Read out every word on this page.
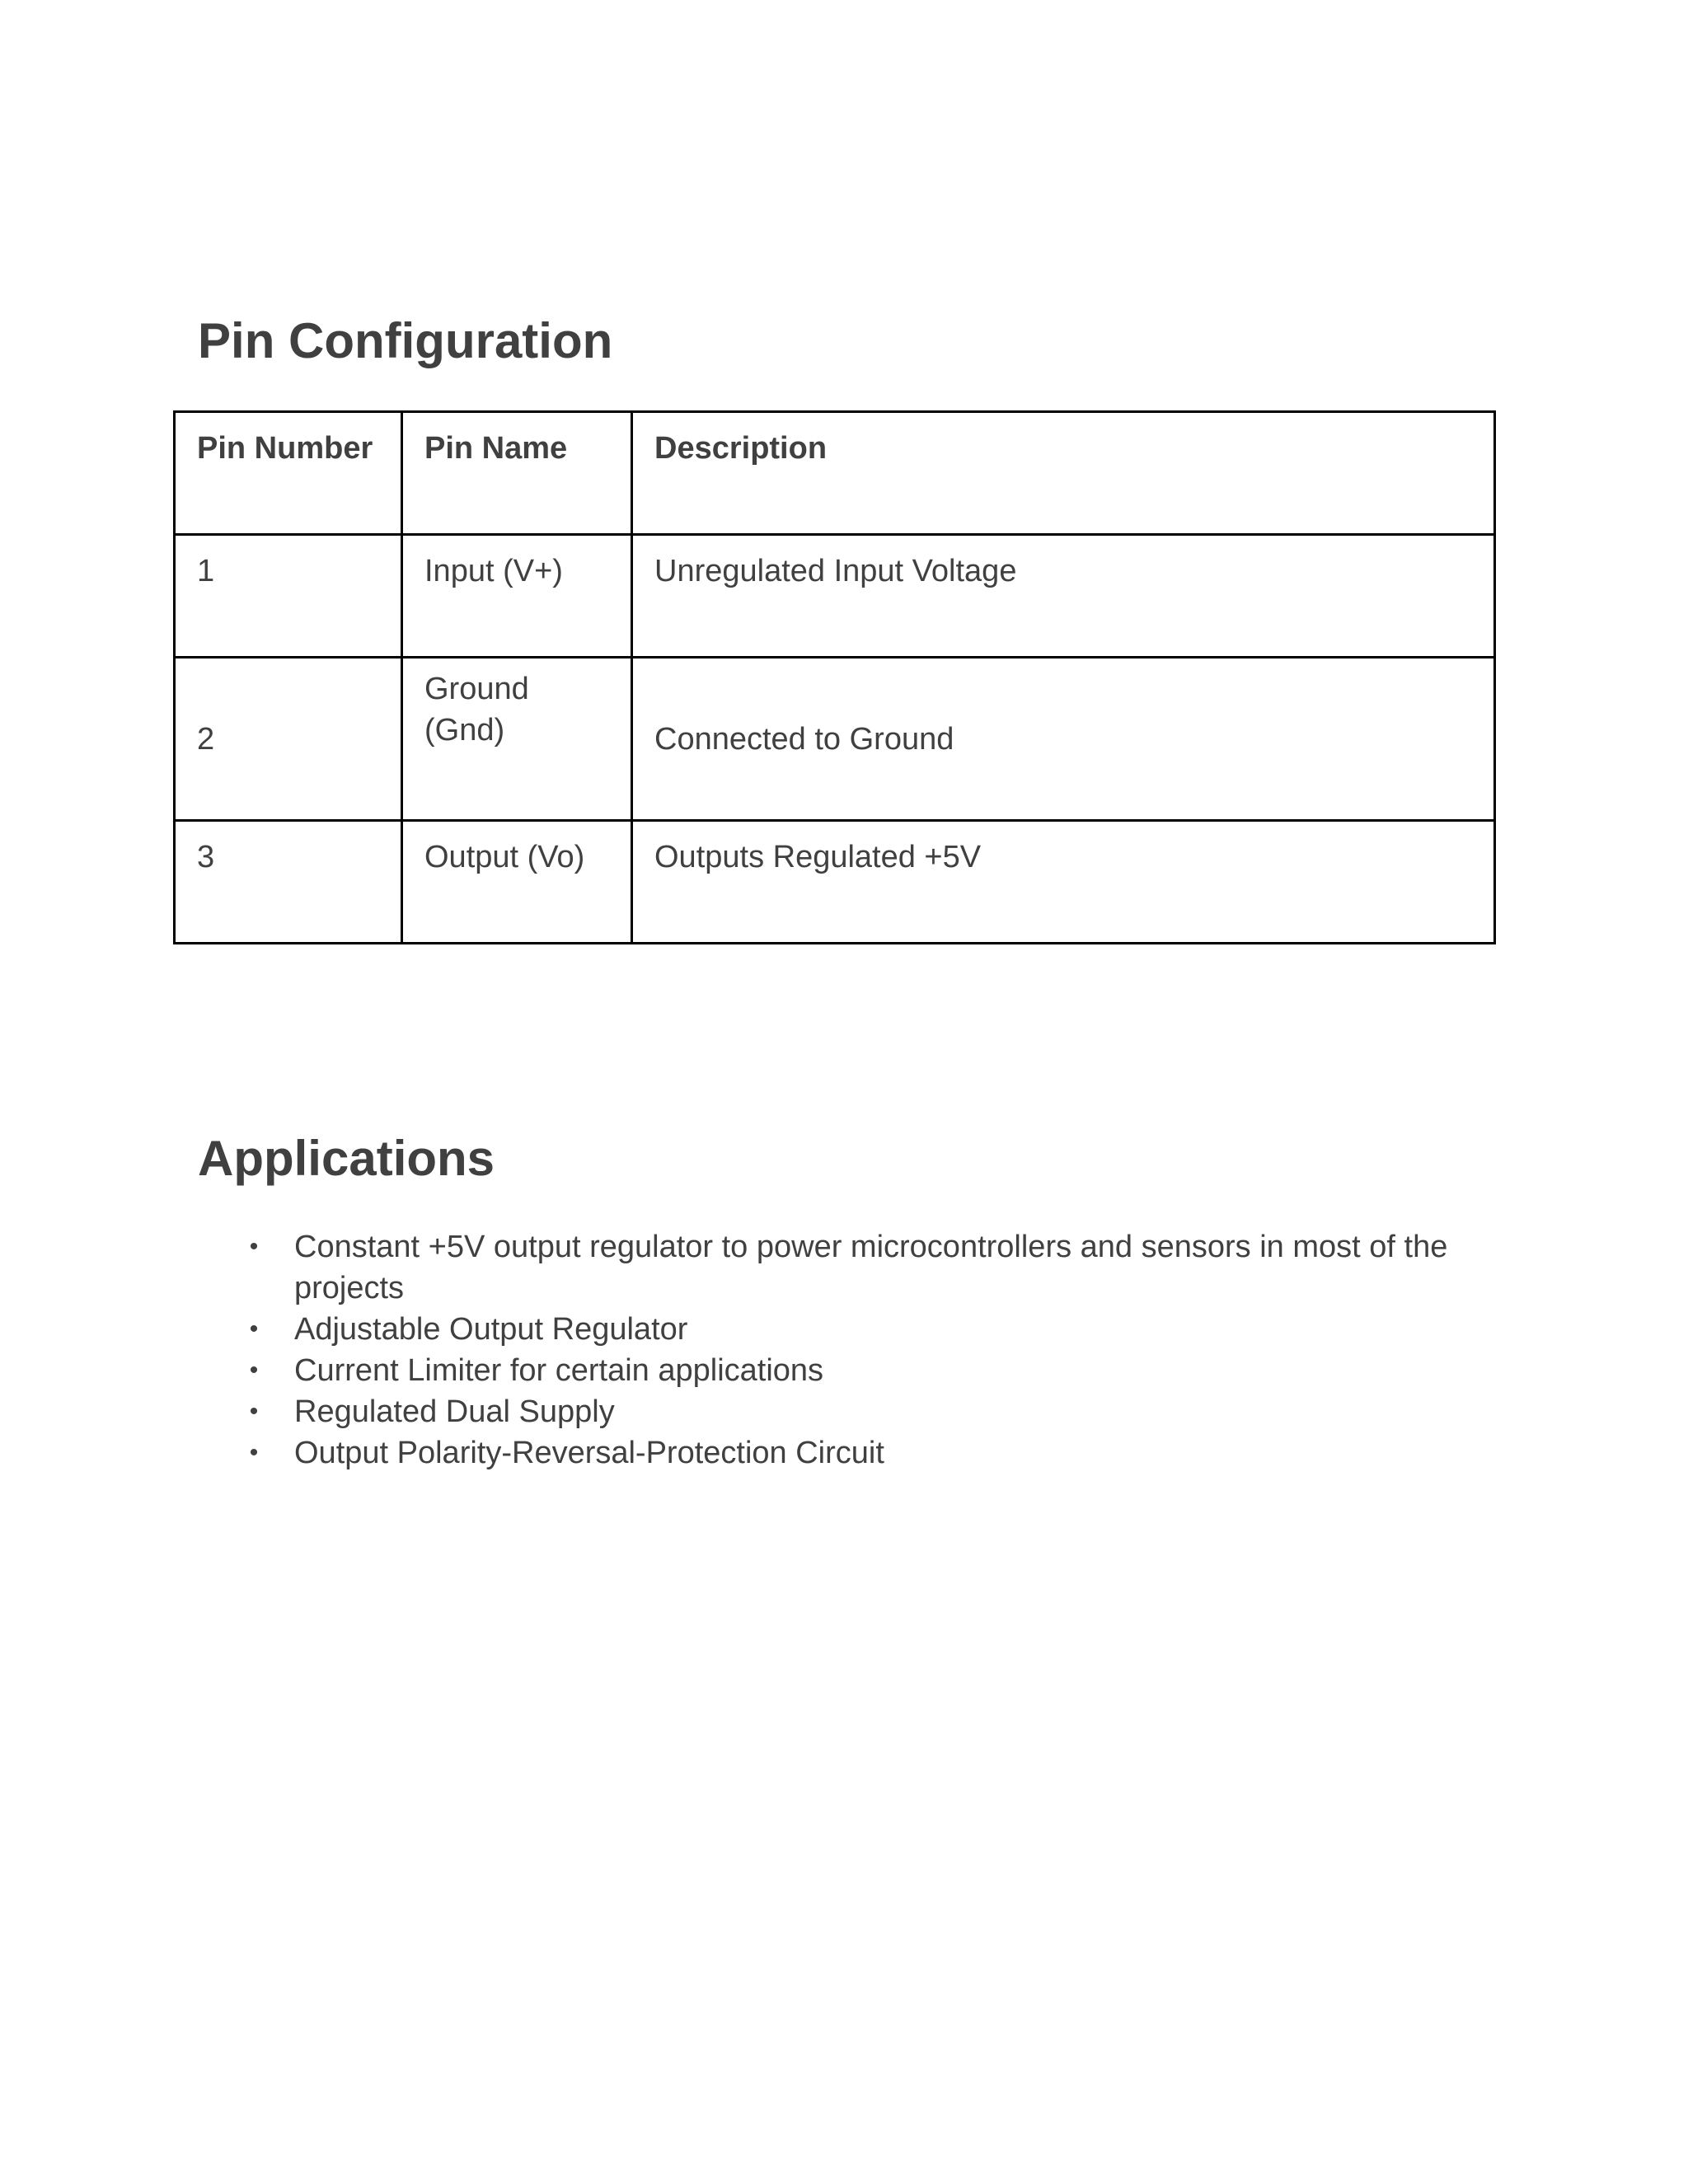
Pin Configuration
Pin Number	Pin Name	Description
1	Input (V+)	Unregulated Input Voltage
2	Ground (Gnd)	Connected to Ground
3	Output (Vo)	Outputs Regulated +5V
Applications
• Constant +5V output regulator to power microcontrollers and sensors in most of the projects
• Adjustable Output Regulator
• Current Limiter for certain applications
• Regulated Dual Supply
• Output Polarity-Reversal-Protection Circuit
